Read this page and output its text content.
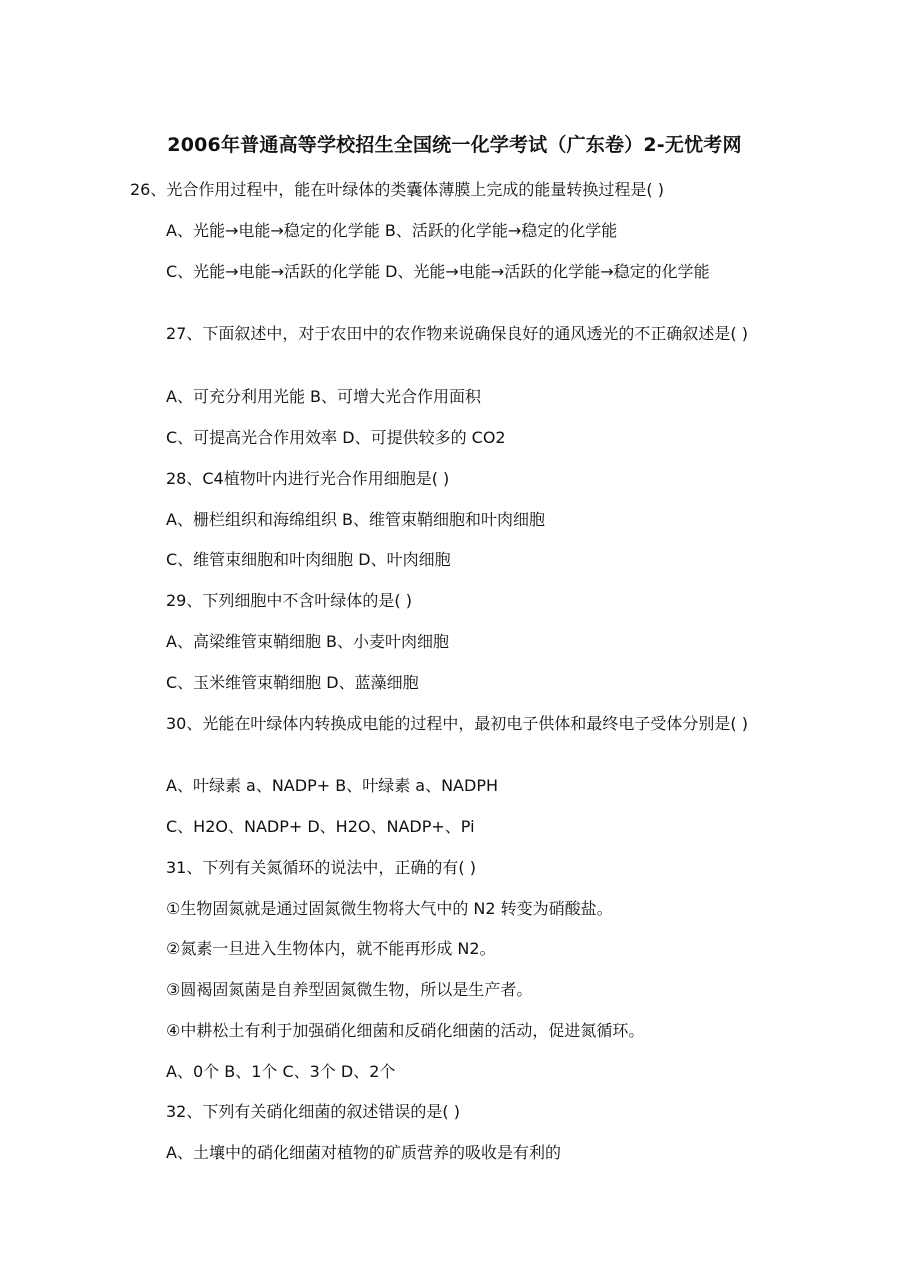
2006年普通高等学校招生全国统一化学考试（广东卷）2-无忧考网
26、光合作用过程中，能在叶绿体的类囊体薄膜上完成的能量转换过程是( )
A、光能→电能→稳定的化学能 B、活跃的化学能→稳定的化学能
C、光能→电能→活跃的化学能 D、光能→电能→活跃的化学能→稳定的化学能
27、下面叙述中，对于农田中的农作物来说确保良好的通风透光的不正确叙述是( )
A、可充分利用光能 B、可增大光合作用面积
C、可提高光合作用效率 D、可提供较多的 CO2
28、C4植物叶内进行光合作用细胞是( )
A、栅栏组织和海绵组织 B、维管束鞘细胞和叶肉细胞
C、维管束细胞和叶肉细胞 D、叶肉细胞
29、下列细胞中不含叶绿体的是( )
A、高梁维管束鞘细胞 B、小麦叶肉细胞
C、玉米维管束鞘细胞 D、蓝藻细胞
30、光能在叶绿体内转换成电能的过程中，最初电子供体和最终电子受体分别是( )
A、叶绿素 a、NADP+ B、叶绿素 a、NADPH
C、H2O、NADP+ D、H2O、NADP+、Pi
31、下列有关氮循环的说法中，正确的有( )
①生物固氮就是通过固氮微生物将大气中的 N2 转变为硝酸盐。
②氮素一旦进入生物体内，就不能再形成 N2。
③圆褐固氮菌是自养型固氮微生物，所以是生产者。
④中耕松土有利于加强硝化细菌和反硝化细菌的活动，促进氮循环。
A、0个 B、1个 C、3个 D、2个
32、下列有关硝化细菌的叙述错误的是( )
A、土壤中的硝化细菌对植物的矿质营养的吸收是有利的
